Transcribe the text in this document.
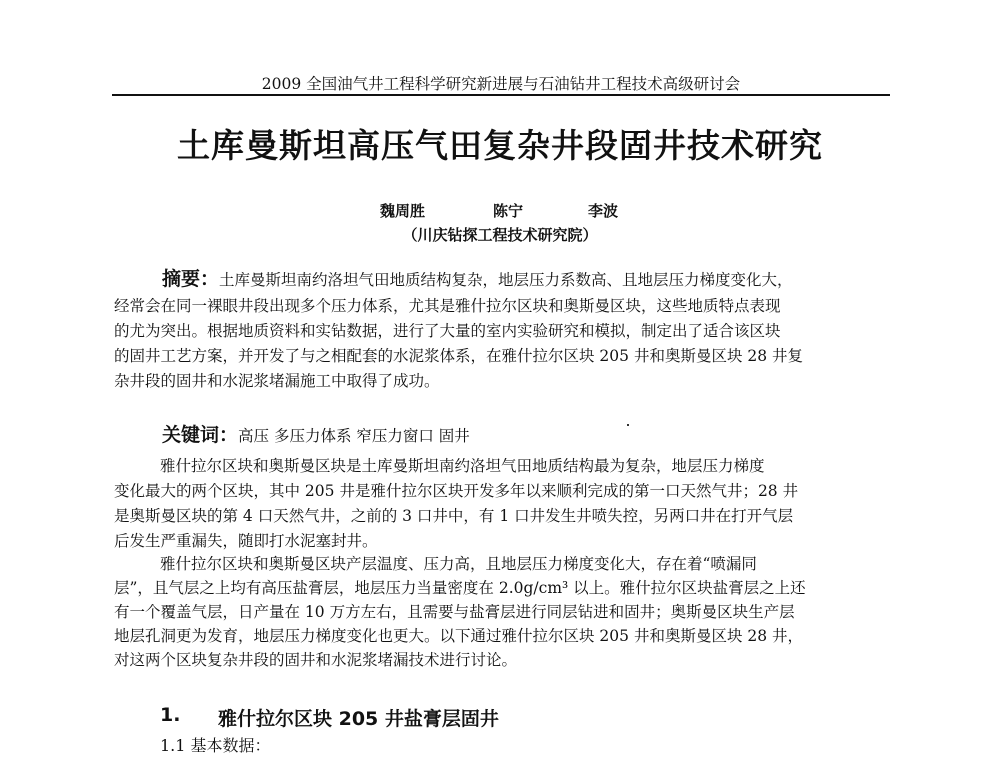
2009 全国油气井工程科学研究新进展与石油钻井工程技术高级研讨会
土库曼斯坦高压气田复杂井段固井技术研究
魏周胜	陈宁	李波
（川庆钻探工程技术研究院）
摘要：土库曼斯坦南约洛坦气田地质结构复杂，地层压力系数高、且地层压力梯度变化大，
经常会在同一裸眼井段出现多个压力体系，尤其是雅什拉尔区块和奥斯曼区块，这些地质特点表现
的尤为突出。根据地质资料和实钻数据，进行了大量的室内实验研究和模拟，制定出了适合该区块
的固井工艺方案，并开发了与之相配套的水泥浆体系，在雅什拉尔区块 205 井和奥斯曼区块 28 井复
杂井段的固井和水泥浆堵漏施工中取得了成功。
关键词：高压 多压力体系 窄压力窗口 固井
雅什拉尔区块和奥斯曼区块是土库曼斯坦南约洛坦气田地质结构最为复杂，地层压力梯度
变化最大的两个区块，其中 205 井是雅什拉尔区块开发多年以来顺利完成的第一口天然气井；28 井
是奥斯曼区块的第 4 口天然气井，之前的 3 口井中，有 1 口井发生井喷失控，另两口井在打开气层
后发生严重漏失，随即打水泥塞封井。
雅什拉尔区块和奥斯曼区块产层温度、压力高，且地层压力梯度变化大，存在着“喷漏同
层”，且气层之上均有高压盐膏层，地层压力当量密度在 2.0g/cm³ 以上。雅什拉尔区块盐膏层之上还
有一个覆盖气层，日产量在 10 万方左右，且需要与盐膏层进行同层钻进和固井；奥斯曼区块生产层
地层孔洞更为发育，地层压力梯度变化也更大。以下通过雅什拉尔区块 205 井和奥斯曼区块 28 井，
对这两个区块复杂井段的固井和水泥浆堵漏技术进行讨论。
1. 雅什拉尔区块 205 井盐膏层固井
1.1 基本数据：
